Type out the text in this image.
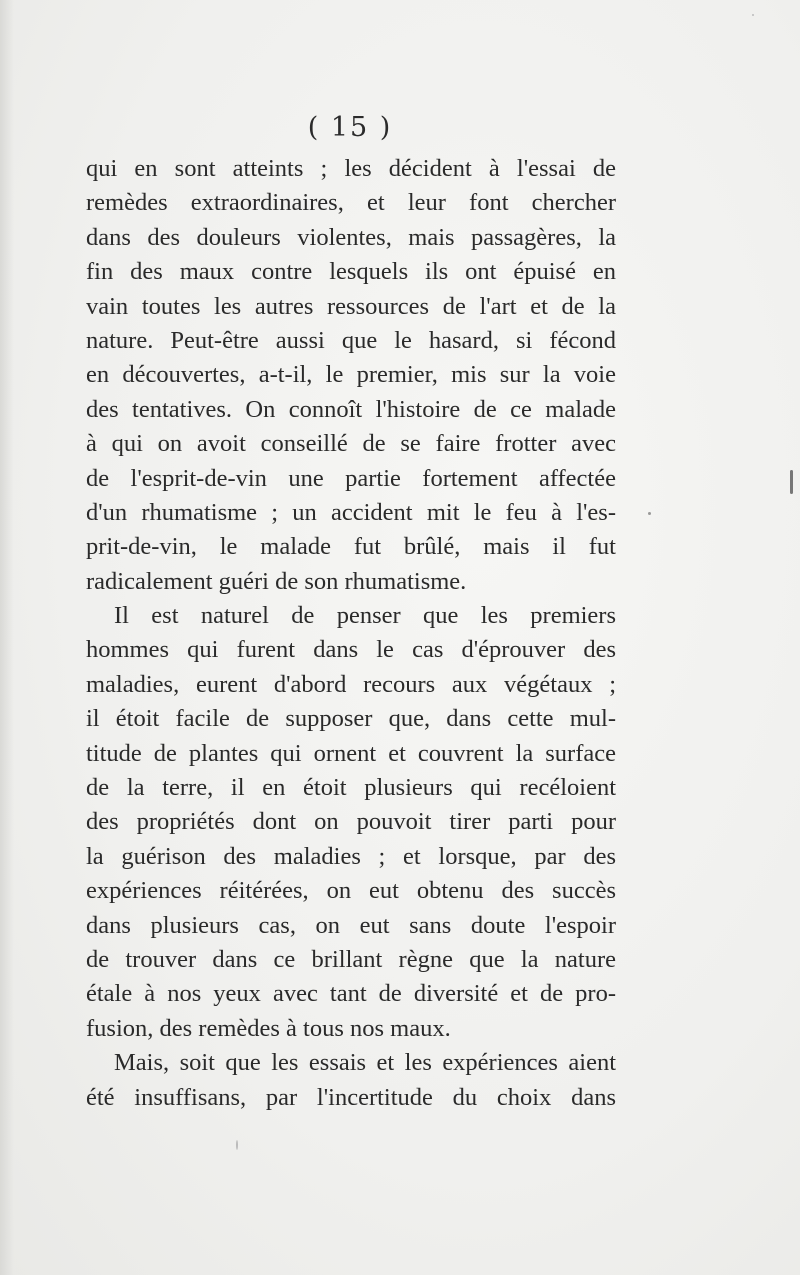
( 15 )
qui en sont atteints ; les décident à l'essai de
remèdes extraordinaires, et leur font chercher
dans des douleurs violentes, mais passagères, la
fin des maux contre lesquels ils ont épuisé en
vain toutes les autres ressources de l'art et de la
nature. Peut-être aussi que le hasard, si fécond
en découvertes, a-t-il, le premier, mis sur la voie
des tentatives. On connoît l'histoire de ce malade
à qui on avoit conseillé de se faire frotter avec
de l'esprit-de-vin une partie fortement affectée
d'un rhumatisme ; un accident mit le feu à l'es-
prit-de-vin, le malade fut brûlé, mais il fut
radicalement guéri de son rhumatisme.
Il est naturel de penser que les premiers
hommes qui furent dans le cas d'éprouver des
maladies, eurent d'abord recours aux végétaux ;
il étoit facile de supposer que, dans cette mul-
titude de plantes qui ornent et couvrent la surface
de la terre, il en étoit plusieurs qui recéloient
des propriétés dont on pouvoit tirer parti pour
la guérison des maladies ; et lorsque, par des
expériences réitérées, on eut obtenu des succès
dans plusieurs cas, on eut sans doute l'espoir
de trouver dans ce brillant règne que la nature
étale à nos yeux avec tant de diversité et de pro-
fusion, des remèdes à tous nos maux.
Mais, soit que les essais et les expériences aient
été insuffisans, par l'incertitude du choix dans
